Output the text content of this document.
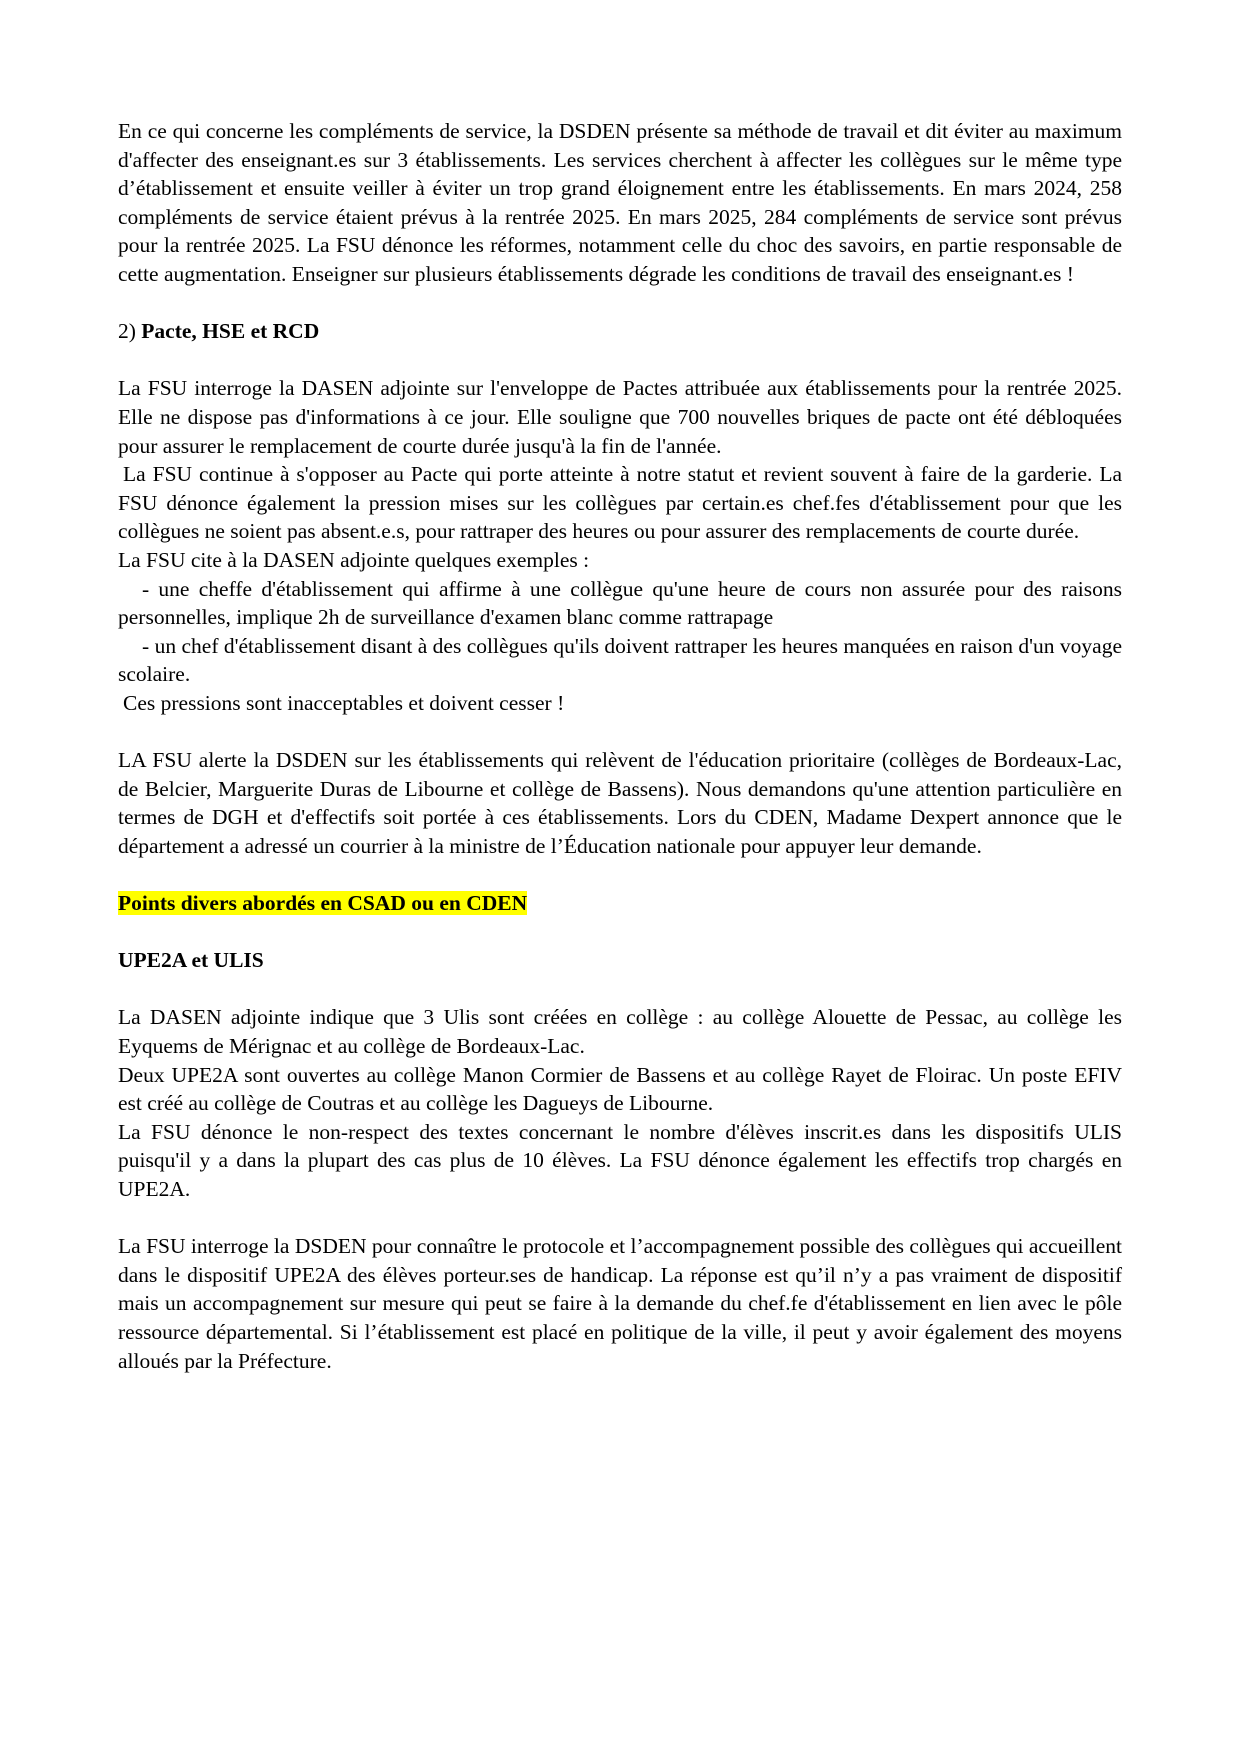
En ce qui concerne les compléments de service, la DSDEN présente sa méthode de travail et dit éviter au maximum d'affecter des enseignant.es sur 3 établissements. Les services cherchent à affecter les collègues sur le même type d’établissement et ensuite veiller à éviter un trop grand éloignement entre les établissements. En mars 2024, 258 compléments de service étaient prévus à la rentrée 2025. En mars 2025, 284 compléments de service sont prévus pour la rentrée 2025. La FSU dénonce les réformes, notamment celle du choc des savoirs, en partie responsable de cette augmentation. Enseigner sur plusieurs établissements dégrade les conditions de travail des enseignant.es !

2) Pacte, HSE et RCD

La FSU interroge la DASEN adjointe sur l'enveloppe de Pactes attribuée aux établissements pour la rentrée 2025. Elle ne dispose pas d'informations à ce jour. Elle souligne que 700 nouvelles briques de pacte ont été débloquées pour assurer le remplacement de courte durée jusqu'à la fin de l'année.

La FSU continue à s'opposer au Pacte qui porte atteinte à notre statut et revient souvent à faire de la garderie. La FSU dénonce également la pression mises sur les collègues par certain.es chef.fes d'établissement pour que les collègues ne soient pas absent.e.s, pour rattraper des heures ou pour assurer des remplacements de courte durée.

La FSU cite à la DASEN adjointe quelques exemples :

- une cheffe d'établissement qui affirme à une collègue qu'une heure de cours non assurée pour des raisons personnelles, implique 2h de surveillance d'examen blanc comme rattrapage

- un chef d'établissement disant à des collègues qu'ils doivent rattraper les heures manquées en raison d'un voyage scolaire.

Ces pressions sont inacceptables et doivent cesser !

LA FSU alerte la DSDEN sur les établissements qui relèvent de l'éducation prioritaire (collèges de Bordeaux-Lac, de Belcier, Marguerite Duras de Libourne et collège de Bassens). Nous demandons qu'une attention particulière en termes de DGH et d'effectifs soit portée à ces établissements. Lors du CDEN, Madame Dexpert annonce que le département a adressé un courrier à la ministre de l’Éducation nationale pour appuyer leur demande.

Points divers abordés en CSAD ou en CDEN

UPE2A et ULIS

La DASEN adjointe indique que 3 Ulis sont créées en collège : au collège Alouette de Pessac, au collège les Eyquems de Mérignac et au collège de Bordeaux-Lac.

Deux UPE2A sont ouvertes au collège Manon Cormier de Bassens et au collège Rayet de Floirac. Un poste EFIV est créé au collège de Coutras et au collège les Dagueys de Libourne.

La FSU dénonce le non-respect des textes concernant le nombre d'élèves inscrit.es dans les dispositifs ULIS puisqu'il y a dans la plupart des cas plus de 10 élèves. La FSU dénonce également les effectifs trop chargés en UPE2A.

La FSU interroge la DSDEN pour connaître le protocole et l’accompagnement possible des collègues qui accueillent dans le dispositif UPE2A des élèves porteur.ses de handicap. La réponse est qu’il n’y a pas vraiment de dispositif mais un accompagnement sur mesure qui peut se faire à la demande du chef.fe d'établissement en lien avec le pôle ressource départemental. Si l’établissement est placé en politique de la ville, il peut y avoir également des moyens alloués par la Préfecture.
